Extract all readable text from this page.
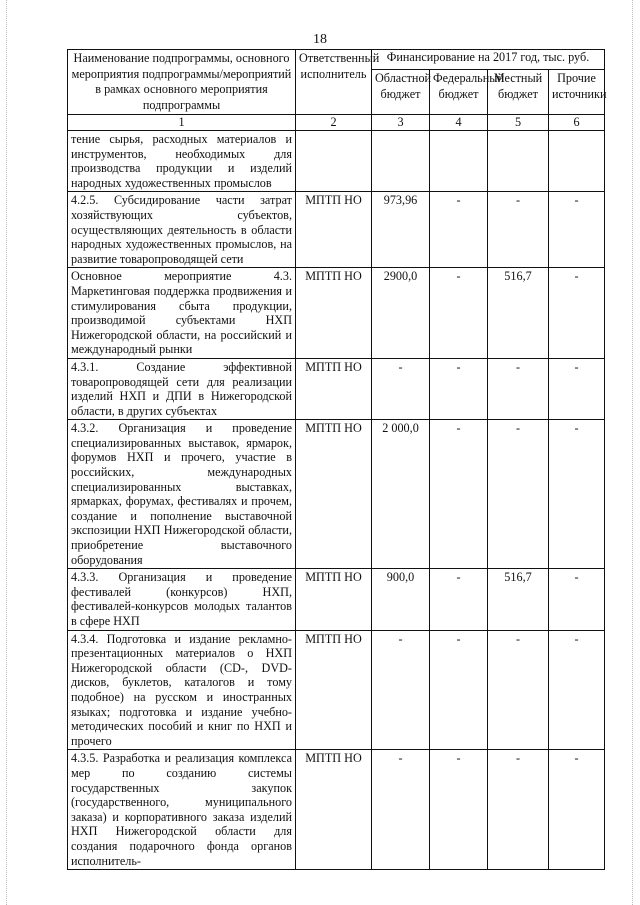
18
Наименование подпрограммы, основного мероприятия подпрограммы/мероприятий в рамках основного мероприятия подпрограммы	Ответственный исполнитель	Финансирование на 2017 год, тыс. руб.			
		Областной бюджет	Федеральный бюджет	Местный бюджет	Прочие источники
1	2	3	4	5	6
тение сырья, расходных материалов и инструментов, необходимых для производства продукции и изделий народных художественных промыслов					
4.2.5. Субсидирование части затрат хозяйствующих субъектов, осуществляющих деятельность в области народных художественных промыслов, на развитие товаропроводящей сети	МПТП НО	973,96	-	-	-
Основное мероприятие 4.3. Маркетинговая поддержка продвижения и стимулирования сбыта продукции, производимой субъектами НХП Нижегородской области, на российский и международный рынки	МПТП НО	2900,0	-	516,7	-
4.3.1. Создание эффективной товаропроводящей сети для реализации изделий НХП и ДПИ в Нижегородской области, в других субъектах	МПТП НО	-	-	-	-
4.3.2. Организация и проведение специализированных выставок, ярмарок, форумов НХП и прочего, участие в российских, международных специализированных выставках, ярмарках, форумах, фестивалях и прочем, создание и пополнение выставочной экспозиции НХП Нижегородской области, приобретение выставочного оборудования	МПТП НО	2 000,0	-	-	-
4.3.3. Организация и проведение фестивалей (конкурсов) НХП, фестивалей-конкурсов молодых талантов в сфере НХП	МПТП НО	900,0	-	516,7	-
4.3.4. Подготовка и издание рекламно-презентационных материалов о НХП Нижегородской области (CD-, DVD-дисков, буклетов, каталогов и тому подобное) на русском и иностранных языках; подготовка и издание учебно-методических пособий и книг по НХП и прочего	МПТП НО	-	-	-	-
4.3.5. Разработка и реализация комплекса мер по созданию системы государственных закупок (государственного, муниципального заказа) и корпоративного заказа изделий НХП Нижегородской области для создания подарочного фонда органов исполнитель-	МПТП НО	-	-	-	-
